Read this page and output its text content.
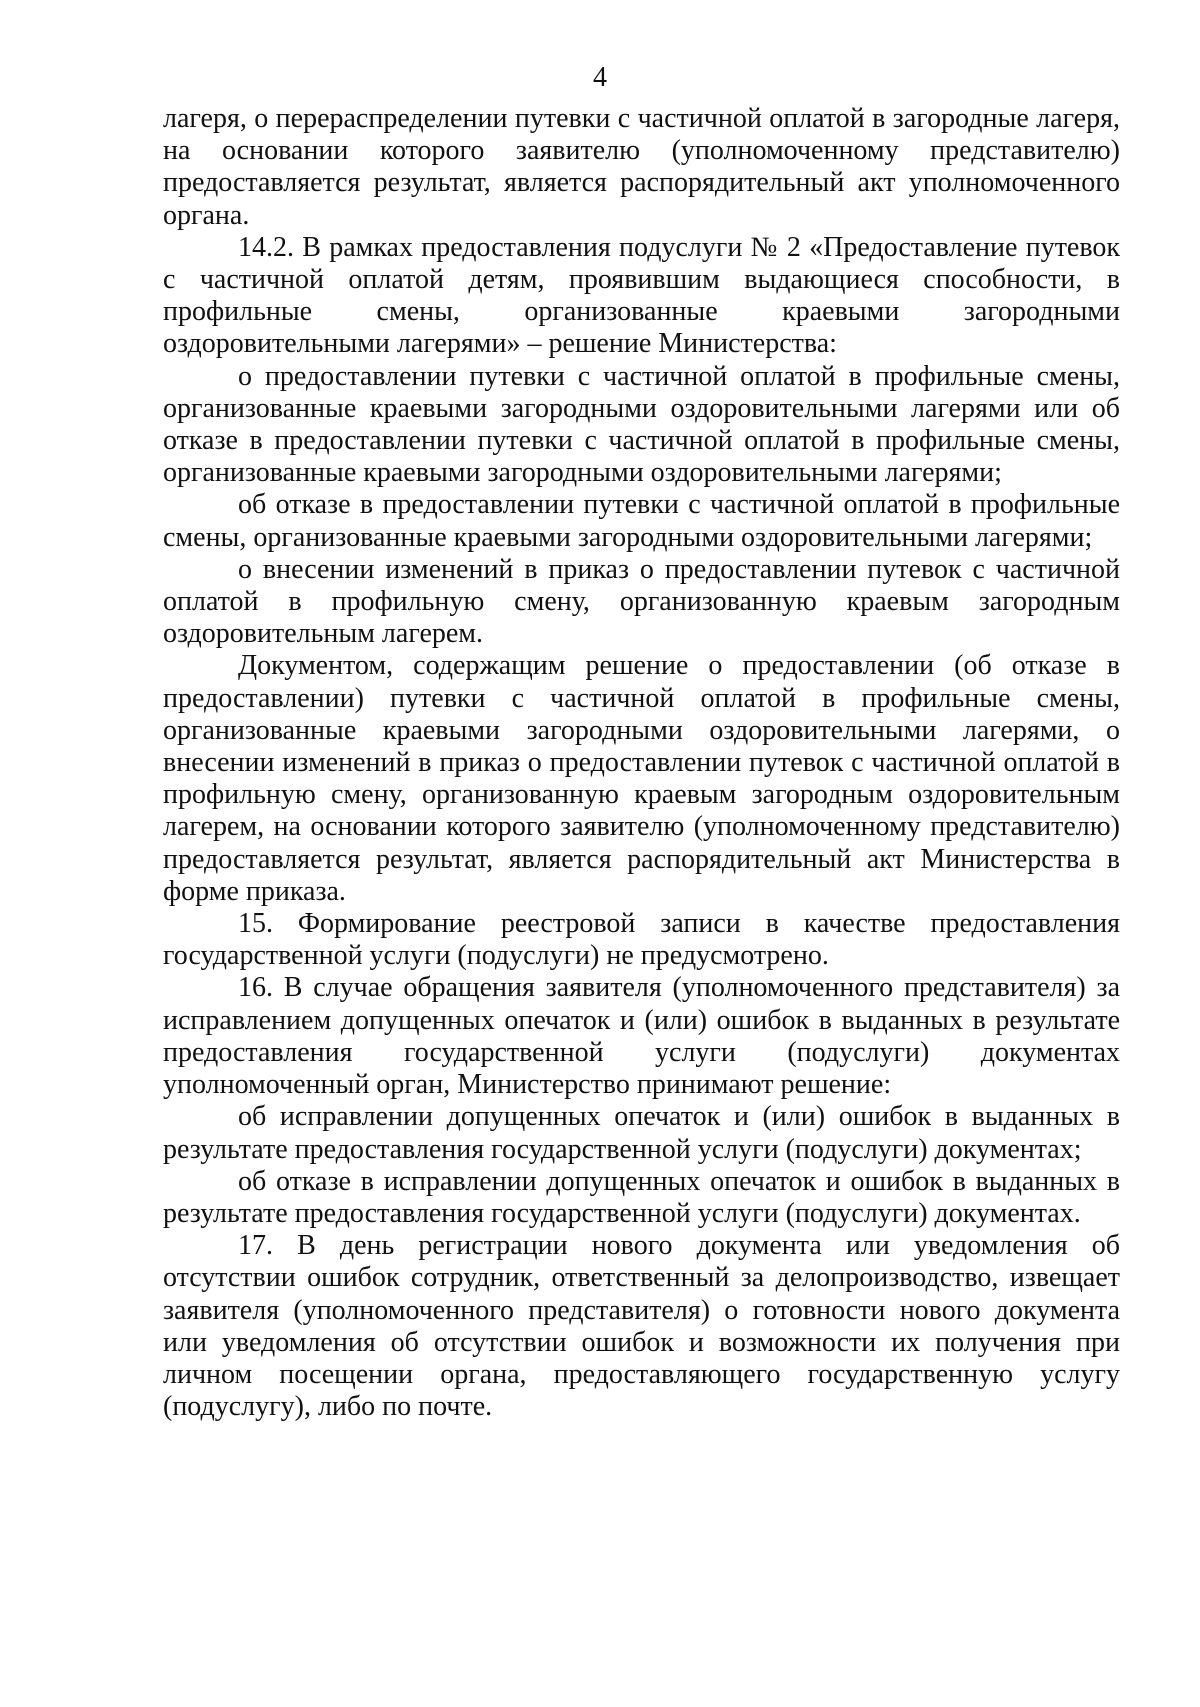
4

лагеря, о перераспределении путевки с частичной оплатой в загородные лагеря, на основании которого заявителю (уполномоченному представителю) предоставляется результат, является распорядительный акт уполномоченного органа.

14.2. В рамках предоставления подуслуги № 2 «Предоставление путевок с частичной оплатой детям, проявившим выдающиеся способности, в профильные смены, организованные краевыми загородными оздоровительными лагерями» – решение Министерства:

о предоставлении путевки с частичной оплатой в профильные смены, организованные краевыми загородными оздоровительными лагерями или об отказе в предоставлении путевки с частичной оплатой в профильные смены, организованные краевыми загородными оздоровительными лагерями;

об отказе в предоставлении путевки с частичной оплатой в профильные смены, организованные краевыми загородными оздоровительными лагерями;

о внесении изменений в приказ о предоставлении путевок с частичной оплатой в профильную смену, организованную краевым загородным оздоровительным лагерем.

Документом, содержащим решение о предоставлении (об отказе в предоставлении) путевки с частичной оплатой в профильные смены, организованные краевыми загородными оздоровительными лагерями, о внесении изменений в приказ о предоставлении путевок с частичной оплатой в профильную смену, организованную краевым загородным оздоровительным лагерем, на основании которого заявителю (уполномоченному представителю) предоставляется результат, является распорядительный акт Министерства в форме приказа.

15. Формирование реестровой записи в качестве предоставления государственной услуги (подуслуги) не предусмотрено.

16. В случае обращения заявителя (уполномоченного представителя) за исправлением допущенных опечаток и (или) ошибок в выданных в результате предоставления государственной услуги (подуслуги) документах уполномоченный орган, Министерство принимают решение:

об исправлении допущенных опечаток и (или) ошибок в выданных в результате предоставления государственной услуги (подуслуги) документах;

об отказе в исправлении допущенных опечаток и ошибок в выданных в результате предоставления государственной услуги (подуслуги) документах.

17. В день регистрации нового документа или уведомления об отсутствии ошибок сотрудник, ответственный за делопроизводство, извещает заявителя (уполномоченного представителя) о готовности нового документа или уведомления об отсутствии ошибок и возможности их получения при личном посещении органа, предоставляющего государственную услугу (подуслугу), либо по почте.
